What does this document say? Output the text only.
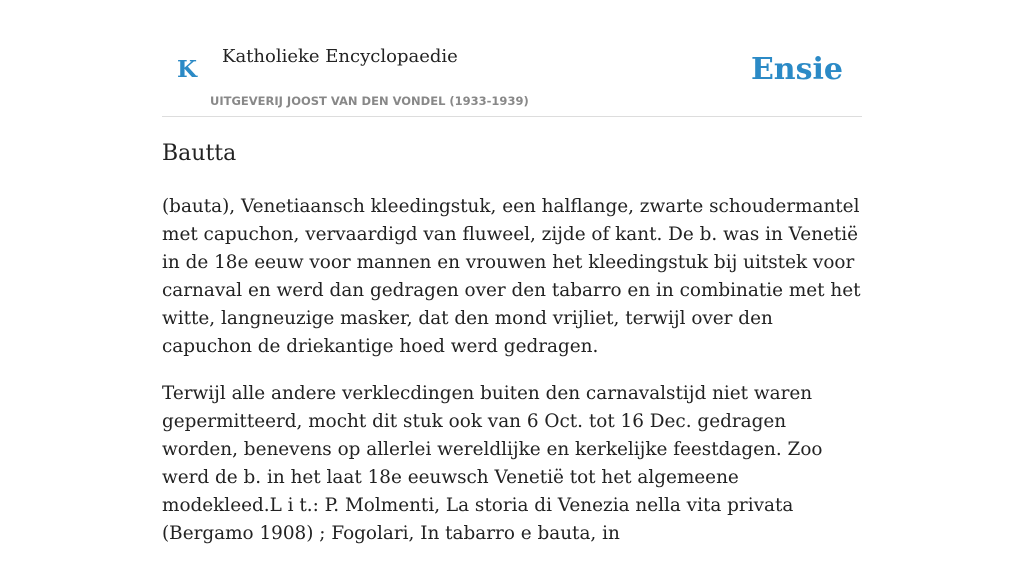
K Katholieke Encyclopaedie
UITGEVERIJ JOOST VAN DEN VONDEL (1933-1939)
Ensie
Bautta

(bauta), Venetiaansch kleedingstuk, een halflange, zwarte schoudermantel met capuchon, vervaardigd van fluweel, zijde of kant. De b. was in Venetië in de 18e eeuw voor mannen en vrouwen het kleedingstuk bij uitstek voor carnaval en werd dan gedragen over den tabarro en in combinatie met het witte, langneuzige masker, dat den mond vrijliet, terwijl over den capuchon de driekantige hoed werd gedragen.

Terwijl alle andere verklecdingen buiten den carnavalstijd niet waren gepermitteerd, mocht dit stuk ook van 6 Oct. tot 16 Dec. gedragen worden, benevens op allerlei wereldlijke en kerkelijke feestdagen. Zoo werd de b. in het laat 18e eeuwsch Venetië tot het algemeene modekleed.L i t.: P. Molmenti, La storia di Venezia nella vita privata (Bergamo 1908) ; Fogolari, In tabarro e bauta, in
